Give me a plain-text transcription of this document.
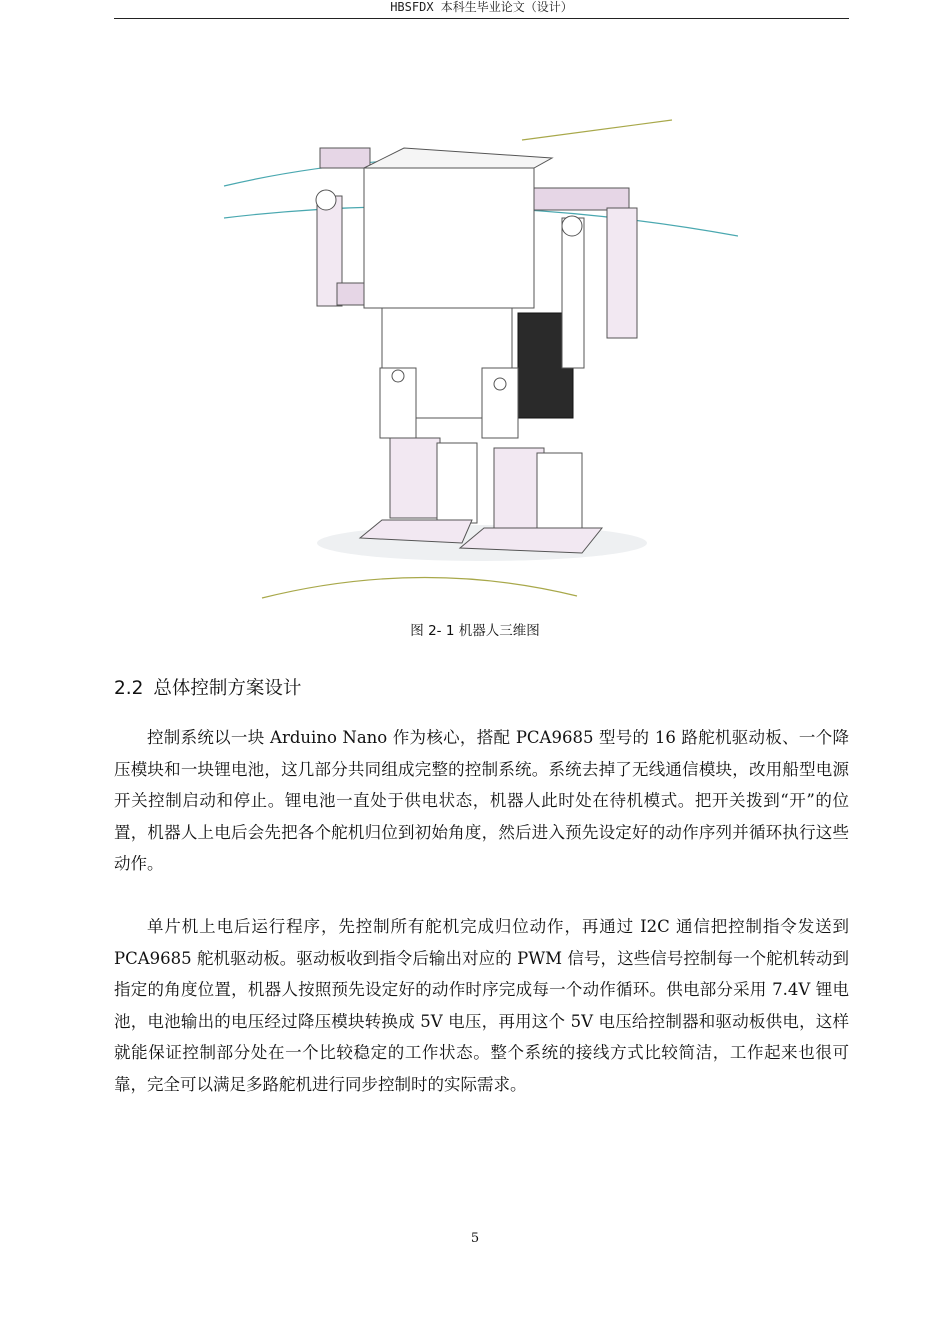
HBSFDX 本科生毕业论文（设计）
图 2- 1 机器人三维图
2.2 总体控制方案设计

控制系统以一块 Arduino Nano 作为核心，搭配 PCA9685 型号的 16 路舵机驱动板、一个降压模块和一块锂电池，这几部分共同组成完整的控制系统。系统去掉了无线通信模块，改用船型电源开关控制启动和停止。锂电池一直处于供电状态，机器人此时处在待机模式。把开关拨到“开”的位置，机器人上电后会先把各个舵机归位到初始角度，然后进入预先设定好的动作序列并循环执行这些动作。

单片机上电后运行程序，先控制所有舵机完成归位动作，再通过 I2C 通信把控制指令发送到 PCA9685 舵机驱动板。驱动板收到指令后输出对应的 PWM 信号，这些信号控制每一个舵机转动到指定的角度位置，机器人按照预先设定好的动作时序完成每一个动作循环。供电部分采用 7.4V 锂电池，电池输出的电压经过降压模块转换成 5V 电压，再用这个 5V 电压给控制器和驱动板供电，这样就能保证控制部分处在一个比较稳定的工作状态。整个系统的接线方式比较简洁，工作起来也很可靠，完全可以满足多路舵机进行同步控制时的实际需求。

5
